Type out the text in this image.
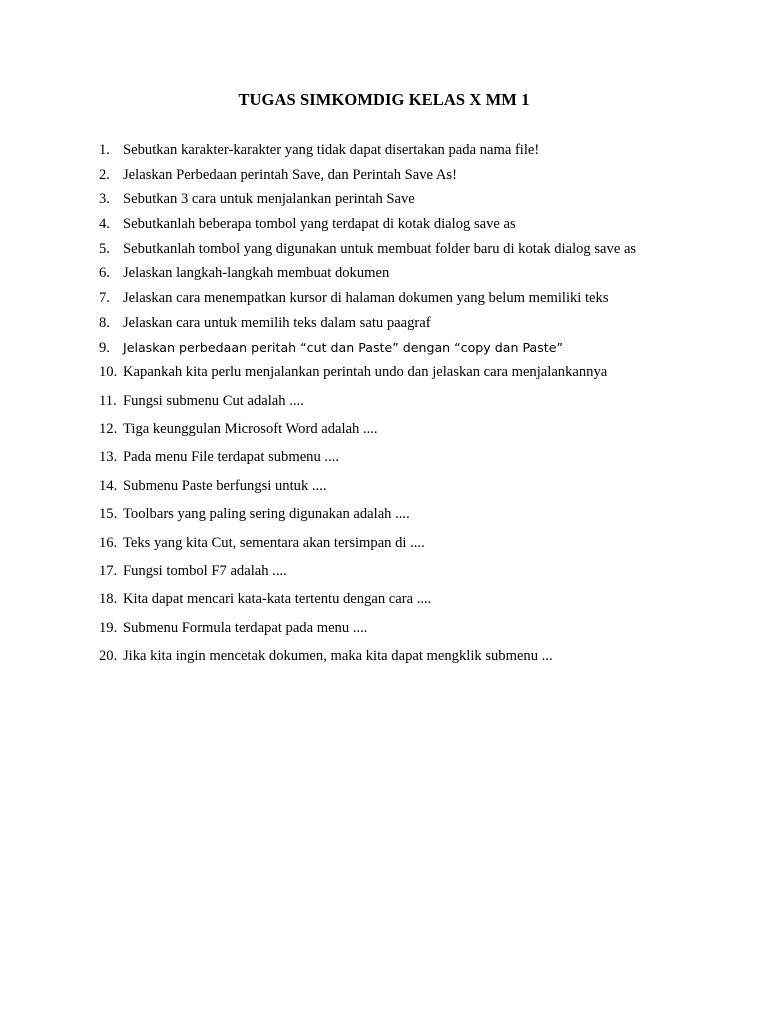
TUGAS SIMKOMDIG KELAS X MM 1
1. Sebutkan karakter-karakter yang tidak dapat disertakan pada nama file!
2. Jelaskan Perbedaan perintah Save, dan Perintah Save As!
3. Sebutkan 3 cara untuk menjalankan perintah Save
4. Sebutkanlah beberapa tombol yang terdapat di kotak dialog save as
5. Sebutkanlah tombol yang digunakan untuk membuat folder baru di kotak dialog save as
6. Jelaskan langkah-langkah membuat dokumen
7. Jelaskan cara menempatkan kursor di halaman dokumen yang belum memiliki teks
8. Jelaskan cara untuk memilih teks dalam satu paagraf
9. Jelaskan perbedaan peritah “cut dan Paste” dengan “copy dan Paste”
10. Kapankah kita perlu menjalankan perintah undo dan jelaskan cara menjalankannya
11. Fungsi submenu Cut adalah ....
12. Tiga keunggulan Microsoft Word adalah ....
13. Pada menu File terdapat submenu ....
14. Submenu Paste berfungsi untuk ....
15. Toolbars yang paling sering digunakan adalah ....
16. Teks yang kita Cut, sementara akan tersimpan di ....
17. Fungsi tombol F7 adalah ....
18. Kita dapat mencari kata-kata tertentu dengan cara ....
19. Submenu Formula terdapat pada menu ....
20. Jika kita ingin mencetak dokumen, maka kita dapat mengklik submenu ...
